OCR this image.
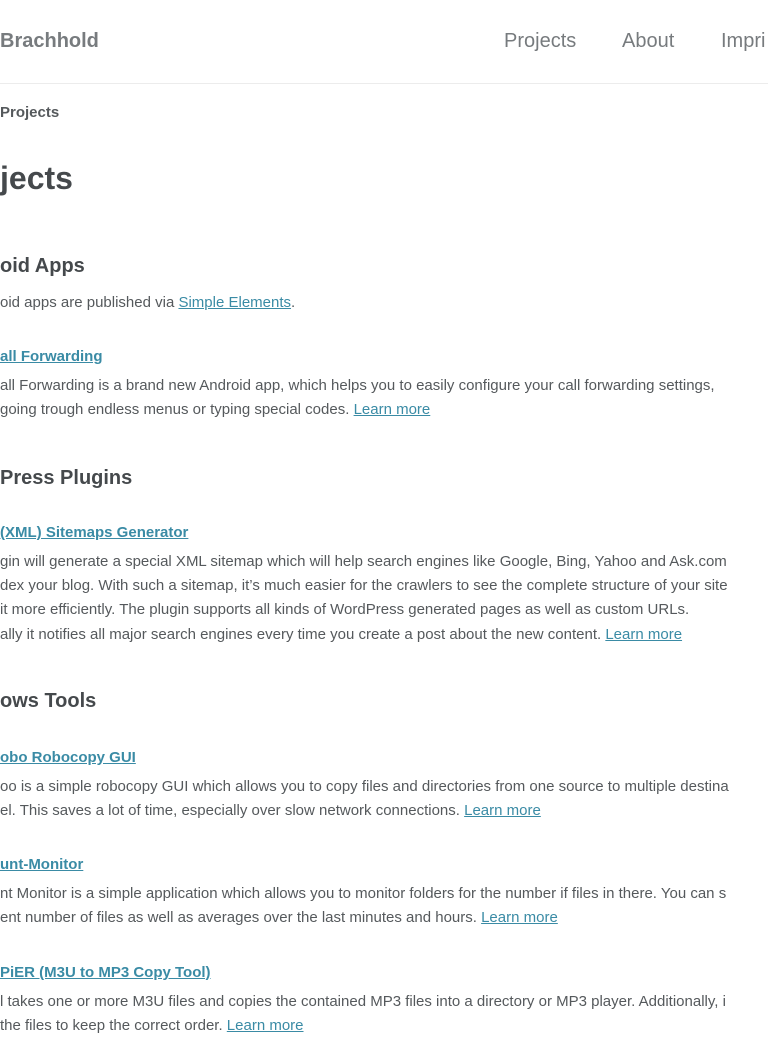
Brachhold	Projects About Impri
Projects
jects
oid Apps
oid apps are published via Simple Elements.
all Forwarding
all Forwarding is a brand new Android app, which helps you to easily configure your call forwarding settings,
going trough endless menus or typing special codes. Learn more
Press Plugins
(XML) Sitemaps Generator
gin will generate a special XML sitemap which will help search engines like Google, Bing, Yahoo and Ask.com
dex your blog. With such a sitemap, it’s much easier for the crawlers to see the complete structure of your site
it more efficiently. The plugin supports all kinds of WordPress generated pages as well as custom URLs.
ally it notifies all major search engines every time you create a post about the new content. Learn more
ows Tools
obo Robocopy GUI
oo is a simple robocopy GUI which allows you to copy files and directories from one source to multiple destina
el. This saves a lot of time, especially over slow network connections. Learn more
unt-Monitor
nt Monitor is a simple application which allows you to monitor folders for the number if files in there. You can s
ent number of files as well as averages over the last minutes and hours. Learn more
PiER (M3U to MP3 Copy Tool)
l takes one or more M3U files and copies the contained MP3 files into a directory or MP3 player. Additionally, i
the files to keep the correct order. Learn more
